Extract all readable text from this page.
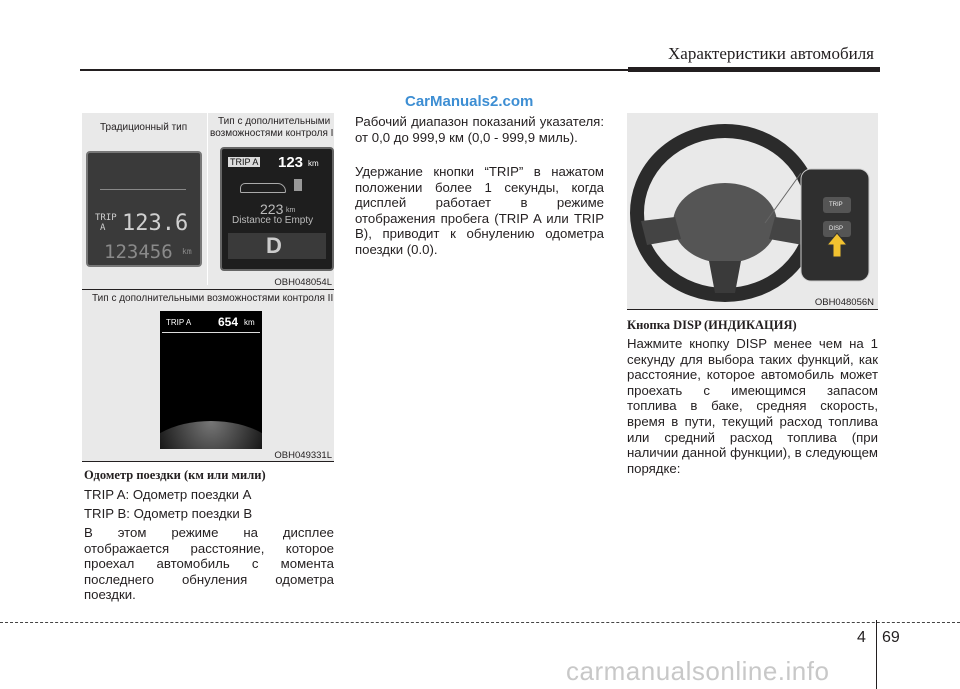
Характеристики автомобиля
CarManuals2.com
Традиционный тип
Тип с дополнительными
возможностями контроля I
TRIP
A 123.6
123456 km
TRIP A 123 km
223 km
Distance to Empty
D
OBH048054L
Тип с дополнительными возможностями контроля II
TRIP A 654 km
OBH049331L
Одометр поездки (км или мили)
TRIP A: Одометр поездки A
TRIP B: Одометр поездки B
В этом режиме на дисплее отображается расстояние, которое проехал автомобиль с момента последнего обнуления одометра поездки.
Рабочий диапазон показаний указателя: от 0,0 до 999,9 км (0,0 - 999,9 миль).
Удержание кнопки “TRIP” в нажатом положении более 1 секунды, когда дисплей работает в режиме отображения пробега (TRIP A или TRIP B), приводит к обнулению одометра поездки (0.0).
TRIP
DISP
OBH048056N
Кнопка DISP (ИНДИКАЦИЯ)
Нажмите кнопку DISP менее чем на 1 секунду для выбора таких функций, как расстояние, которое автомобиль может проехать с имеющимся запасом топлива в баке, средняя скорость, время в пути, текущий расход топлива или средний расход топлива (при наличии данной функции), в следующем порядке:
4 69
carmanualsonline.info
